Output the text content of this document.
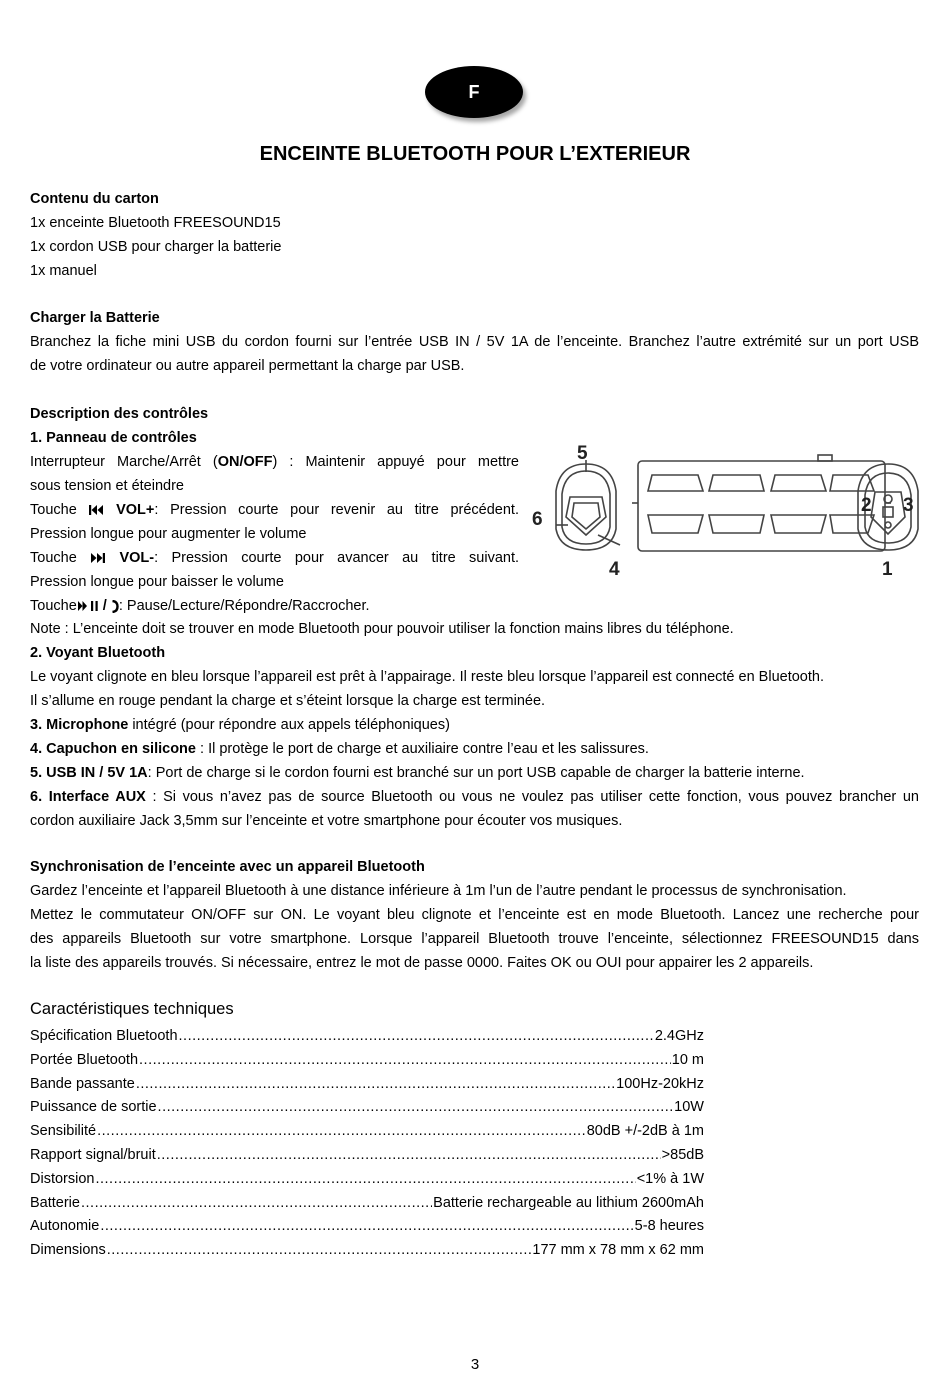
F
ENCEINTE BLUETOOTH POUR L’EXTERIEUR
Contenu du carton
1x enceinte Bluetooth FREESOUND15
1x cordon USB pour charger la batterie
1x manuel
Charger la Batterie
Branchez la fiche mini USB du cordon fourni sur l’entrée USB IN / 5V 1A de l’enceinte. Branchez l’autre extrémité sur un port USB
de votre ordinateur ou autre appareil permettant la charge par USB.
Description des contrôles
1. Panneau de contrôles
Interrupteur Marche/Arrêt (ON/OFF) : Maintenir appuyé pour mettre
sous tension et éteindre
Touche	VOL+: Pression courte pour revenir au titre précédent.
Pression longue pour augmenter le volume
Touche	VOL-: Pression courte pour avancer au titre suivant.
Pression longue pour baisser le volume
Touche / : Pause/Lecture/Répondre/Raccrocher.
Note : L’enceinte doit se trouver en mode Bluetooth pour pouvoir utiliser la fonction mains libres du téléphone.
2. Voyant Bluetooth
Le voyant clignote en bleu lorsque l’appareil est prêt à l’appairage. Il reste bleu lorsque l’appareil est connecté en Bluetooth.
Il s’allume en rouge pendant la charge et s’éteint lorsque la charge est terminée.
3. Microphone intégré (pour répondre aux appels téléphoniques)
4. Capuchon en silicone : Il protège le port de charge et auxiliaire contre l’eau et les salissures.
5. USB IN / 5V 1A: Port de charge si le cordon fourni est branché sur un port USB capable de charger la batterie interne.
6. Interface AUX : Si vous n’avez pas de source Bluetooth ou vous ne voulez pas utiliser cette fonction, vous pouvez brancher un
cordon auxiliaire Jack 3,5mm sur l’enceinte et votre smartphone pour écouter vos musiques.
5
6
4
2 3
1
Synchronisation de l’enceinte avec un appareil Bluetooth
Gardez l’enceinte et l’appareil Bluetooth à une distance inférieure à 1m l’un de l’autre pendant le processus de synchronisation.
Mettez le commutateur ON/OFF sur ON. Le voyant bleu clignote et l’enceinte est en mode Bluetooth. Lancez une recherche pour
des appareils Bluetooth sur votre smartphone. Lorsque l’appareil Bluetooth trouve l’enceinte, sélectionnez FREESOUND15 dans
la liste des appareils trouvés. Si nécessaire, entrez le mot de passe 0000. Faites OK ou OUI pour appairer les 2 appareils.
Caractéristiques techniques
Spécification Bluetooth .....	2.4GHz
Portée Bluetooth .....	10 m
Bande passante .....	100Hz-20kHz
Puissance de sortie .....	10W
Sensibilité .....	80dB +/-2dB à 1m
Rapport signal/bruit .....	>85dB
Distorsion .....	<1% à 1W
Batterie .....	Batterie rechargeable au lithium 2600mAh
Autonomie .....	5-8 heures
Dimensions .....	177 mm x 78 mm x 62 mm
3
